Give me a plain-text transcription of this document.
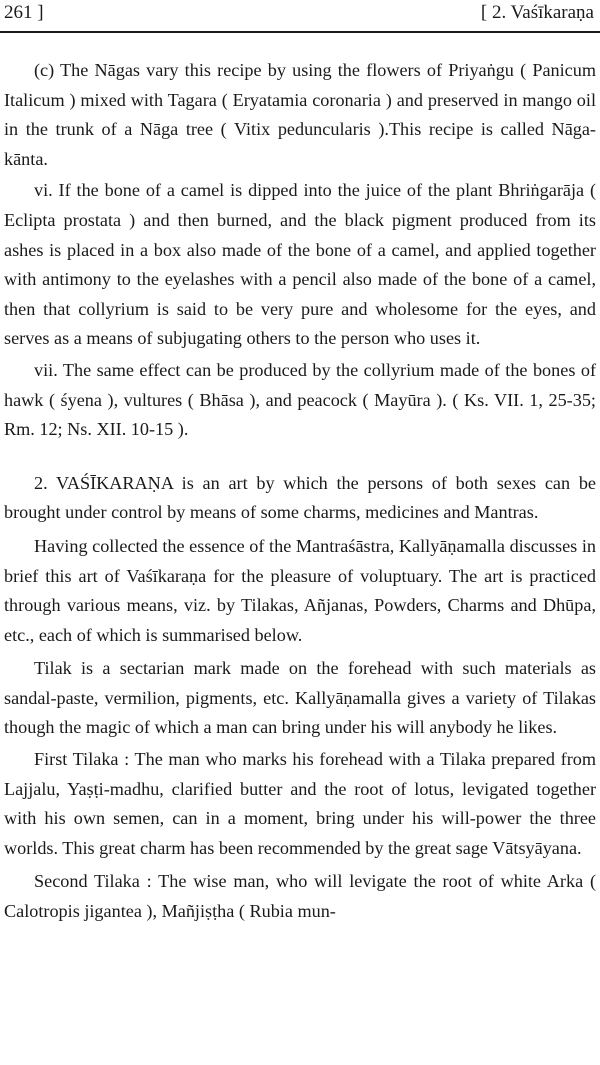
261 ]	[ 2. Vaśīkaraṇa

(c) The Nāgas vary this recipe by using the flowers of Priyaṅgu ( Panicum Italicum ) mixed with Tagara ( Eryatamia coronaria ) and preserved in mango oil in the trunk of a Nāga tree ( Vitix peduncularis ).This recipe is called Nāga-kānta.

vi. If the bone of a camel is dipped into the juice of the plant Bhriṅgarāja ( Eclipta prostata ) and then burned, and the black pigment produced from its ashes is placed in a box also made of the bone of a camel, and applied together with antimony to the eyelashes with a pencil also made of the bone of a camel, then that collyrium is said to be very pure and wholesome for the eyes, and serves as a means of subjugating others to the person who uses it.

vii. The same effect can be produced by the collyrium made of the bones of hawk ( śyena ), vultures ( Bhāsa ), and peacock ( Mayūra ). ( Ks. VII. 1, 25-35; Rm. 12; Ns. XII. 10-15 ).

2. VAŚĪKARAṆA is an art by which the persons of both sexes can be brought under control by means of some charms, medicines and Mantras.

Having collected the essence of the Mantraśāstra, Kallyāṇamalla discusses in brief this art of Vaśīkaraṇa for the pleasure of voluptuary. The art is practiced through various means, viz. by Tilakas, Añjanas, Powders, Charms and Dhūpa, etc., each of which is summarised below.

Tilak is a sectarian mark made on the forehead with such materials as sandal-paste, vermilion, pigments, etc. Kallyāṇamalla gives a variety of Tilakas though the magic of which a man can bring under his will anybody he likes.

First Tilaka : The man who marks his forehead with a Tilaka prepared from Lajjalu, Yaṣṭi-madhu, clarified butter and the root of lotus, levigated together with his own semen, can in a moment, bring under his will-power the three worlds. This great charm has been recommended by the great sage Vātsyāyana.

Second Tilaka : The wise man, who will levigate the root of white Arka ( Calotropis jigantea ), Mañjiṣṭha ( Rubia mun-
